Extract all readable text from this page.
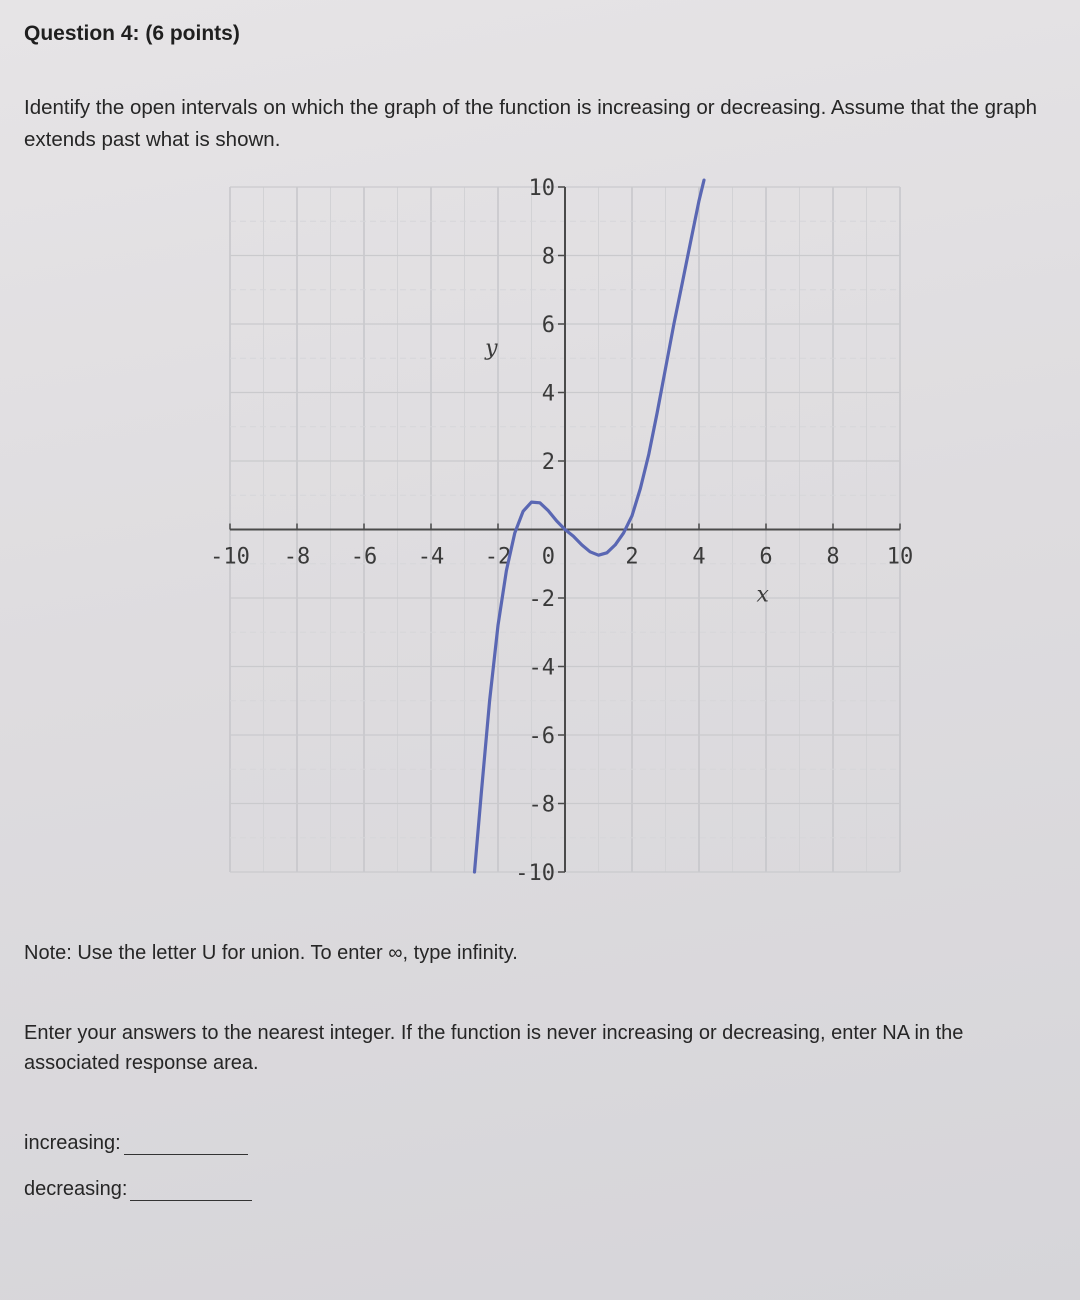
Question 4: (6 points)
Identify the open intervals on which the graph of the function is increasing or decreasing. Assume that the graph extends past what is shown.
-10 -8 -6 -4 -2	2 4 6 8 10
10
8
6
4
2
-2
-4
-6
-8
-10
0
y
x
Note: Use the letter U for union. To enter ∞, type infinity.
Enter your answers to the nearest integer. If the function is never increasing or decreasing, enter NA in the associated response area.
increasing:
decreasing:
